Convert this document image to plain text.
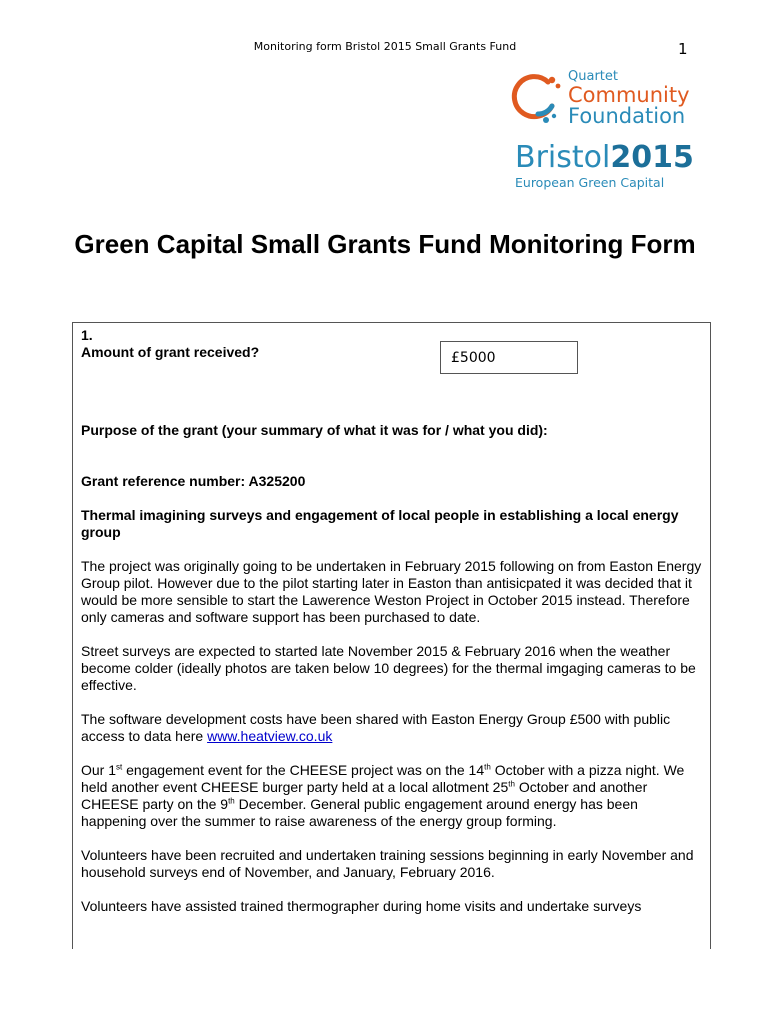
Monitoring form Bristol 2015 Small Grants Fund	1
Quartet
Community
Foundation
Bristol2015
European Green Capital
Green Capital Small Grants Fund Monitoring Form
£5000

1.

Amount of grant received?

Purpose of the grant (your summary of what it was for / what you did):

Grant reference number: A325200

Thermal imagining surveys and engagement of local people in establishing a local energy group

The project was originally going to be undertaken in February 2015 following on from Easton Energy Group pilot. However due to the pilot starting later in Easton than antisicpated it was decided that it would be more sensible to start the Lawerence Weston Project in October 2015 instead. Therefore only cameras and software support has been purchased to date.

Street surveys are expected to started late November 2015 & February 2016 when the weather become colder (ideally photos are taken below 10 degrees) for the thermal imgaging cameras to be effective.

The software development costs have been shared with Easton Energy Group £500 with public access to data here www.heatview.co.uk

Our 1st engagement event for the CHEESE project was on the 14th October with a pizza night. We held another event CHEESE burger party held at a local allotment 25th October and another CHEESE party on the 9th December. General public engagement around energy has been happening over the summer to raise awareness of the energy group forming.

Volunteers have been recruited and undertaken training sessions beginning in early November and household surveys end of November, and January, February 2016.

Volunteers have assisted trained thermographer during home visits and undertake surveys
